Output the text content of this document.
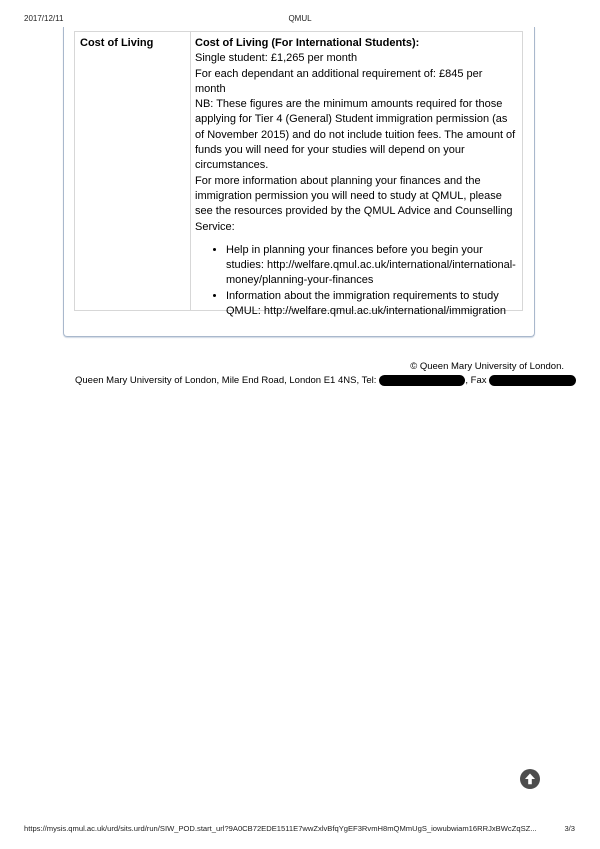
2017/12/11	QMUL
Cost of Living	Cost of Living (For International Students):

Single student: £1,265 per month

For each dependant an additional requirement of: £845 per month

NB: These figures are the minimum amounts required for those applying for Tier 4 (General) Student immigration permission (as of November 2015) and do not include tuition fees. The amount of funds you will need for your studies will depend on your circumstances.

For more information about planning your finances and the immigration permission you will need to study at QMUL, please see the resources provided by the QMUL Advice and Counselling Service:

• Help in planning your finances before you begin your studies: http://welfare.qmul.ac.uk/international/international-money/planning-your-finances
• Information about the immigration requirements to study QMUL: http://welfare.qmul.ac.uk/international/immigration
© Queen Mary University of London.
Queen Mary University of London, Mile End Road, London E1 4NS, Tel:	, Fax
https://mysis.qmul.ac.uk/urd/sits.urd/run/SIW_POD.start_url?9A0CB72EDE1511E7wwZxlvBfqYgEF3RvmH8mQMmUgS_iowubwiam16RRJxBWcZqSZ...	3/3
